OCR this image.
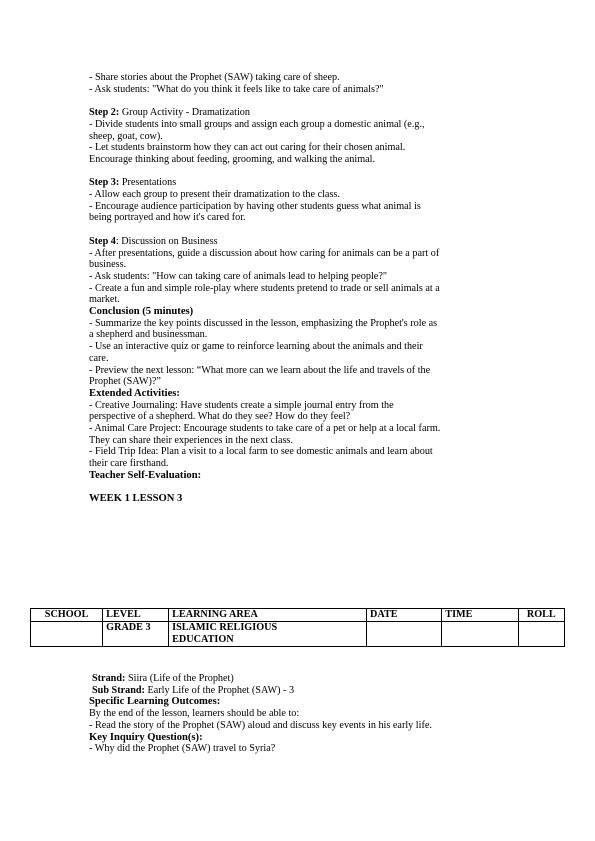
- Share stories about the Prophet (SAW) taking care of sheep.
- Ask students: "What do you think it feels like to take care of animals?"
Step 2: Group Activity - Dramatization
- Divide students into small groups and assign each group a domestic animal (e.g.,
sheep, goat, cow).
- Let students brainstorm how they can act out caring for their chosen animal.
Encourage thinking about feeding, grooming, and walking the animal.
Step 3: Presentations
- Allow each group to present their dramatization to the class.
- Encourage audience participation by having other students guess what animal is
being portrayed and how it's cared for.
Step 4: Discussion on Business
- After presentations, guide a discussion about how caring for animals can be a part of
business.
- Ask students: "How can taking care of animals lead to helping people?"
- Create a fun and simple role-play where students pretend to trade or sell animals at a
market.
Conclusion (5 minutes)
- Summarize the key points discussed in the lesson, emphasizing the Prophet's role as
a shepherd and businessman.
- Use an interactive quiz or game to reinforce learning about the animals and their
care.
- Preview the next lesson: “What more can we learn about the life and travels of the
Prophet (SAW)?”
Extended Activities:
- Creative Journaling: Have students create a simple journal entry from the
perspective of a shepherd. What do they see? How do they feel?
- Animal Care Project: Encourage students to take care of a pet or help at a local farm.
They can share their experiences in the next class.
- Field Trip Idea: Plan a visit to a local farm to see domestic animals and learn about
their care firsthand.
Teacher Self-Evaluation:
WEEK 1 LESSON 3
SCHOOL	LEVEL	LEARNING AREA	DATE	TIME	ROLL
	GRADE 3	ISLAMIC RELIGIOUS
EDUCATION			

Strand: Siira (Life of the Prophet)
Sub Strand: Early Life of the Prophet (SAW) - 3
Specific Learning Outcomes:
By the end of the lesson, learners should be able to:
- Read the story of the Prophet (SAW) aloud and discuss key events in his early life.
Key Inquiry Question(s):
- Why did the Prophet (SAW) travel to Syria?
